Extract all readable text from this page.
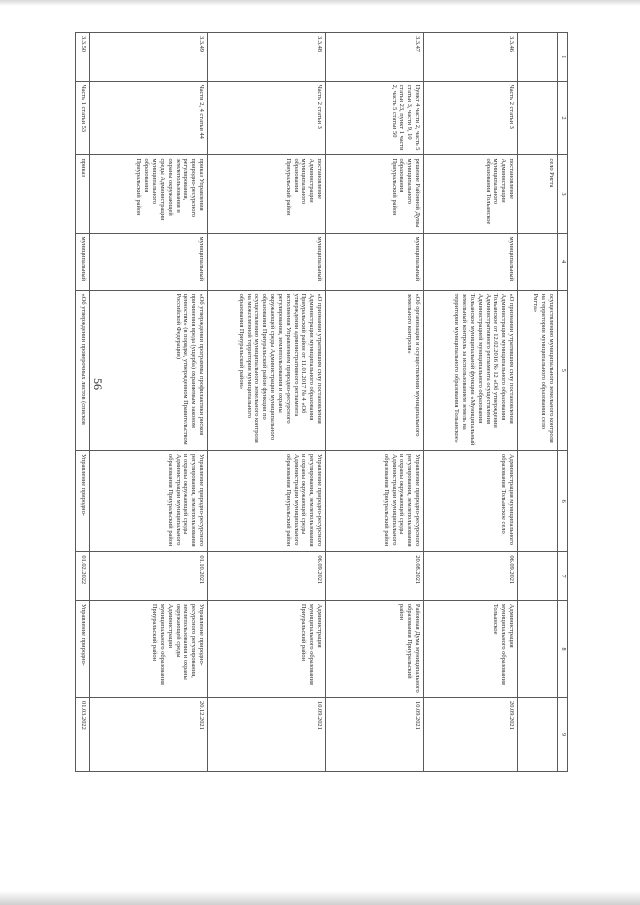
56
1	2	3	4	5	6	7	8	9
		село Ригта		осуществлению муниципального земельного контроля на территории муниципального образования село Ригта»				
3.3.46	Часть 2 статьи 3	постановление Администрации муниципального образования Тольанское	муниципальный	«О признании утратившим силу постановления Администрации муниципального образования Тольанское от 12.02.2016 № 12 «Об утверждении Административного регламента осуществления Администрацией муниципального образования Тольанское муниципальной функции «Муниципальный земельный контроль за использованием земель на территории муниципального образования Тольанское»	Администрация муниципального образования Тольанское село	06.09.2021	Администрация муниципального образования Тольанское	20.09.2021
3.3.47	Пункт 4 части 2, часть 5 статьи 3, части 9, 10 статьи 23, пункт 1 части 2, часть 5 статьи 50	решение Районной Думы муниципального образования Приуральский район	муниципальный	«Об организации и осуществлении муниципального земельного контроля»	Управление природно-ресурсного регулирования, землепользования и охраны окружающей среды Администрации муниципального образования Приуральский район	20.08.2021	Районная Дума муниципального образования Приуральский район	10.09.2021
3.3.48	Часть 2 статьи 3	постановление Администрации муниципального образования Приуральский район	муниципальный	«О признании утратившим силу постановления Администрации муниципального образования Приуральский район от 11.01.2017 № 4 «Об утверждении административного регламента исполнения Управлением природно-ресурсного регулирования, землепользования и охраны окружающей среды Администрации муниципального образования Приуральский район функции по осуществлению муниципального земельного контроля на межселенной территории муниципального образования Приуральский район»	Управление природно-ресурсного регулирования, землепользования и охраны окружающей среды Администрации муниципального образования Приуральский район	06.09.2021	Администрация муниципального образования Приуральский район	10.09.2021
3.3.49	Части 2, 4 статьи 44	приказ Управления природно-ресурсного регулирования, землепользования и охраны окружающей среды Администрации муниципального образования Приуральский район	муниципальный	«Об утверждении программы профилактики рисков причинения вреда (ущерба) охраняемым законом ценностям» (в порядке, утвержденном Правительством Российской Федерации)	Управление природно-ресурсного регулирования, землепользования и охраны окружающей среды Администрации муниципального образования Приуральский район	01.10.2021	Управление природно-ресурсного регулирования, землепользования и охраны окружающей среды Администрации муниципального образования Приуральский район	20.12.2021
3.3.50	Часть 1 статьи 53	приказ	муниципальный	«Об утверждении проверочных листов (списков	Управление природно-	01.02.2022	Управление природно-	01.03.2022
